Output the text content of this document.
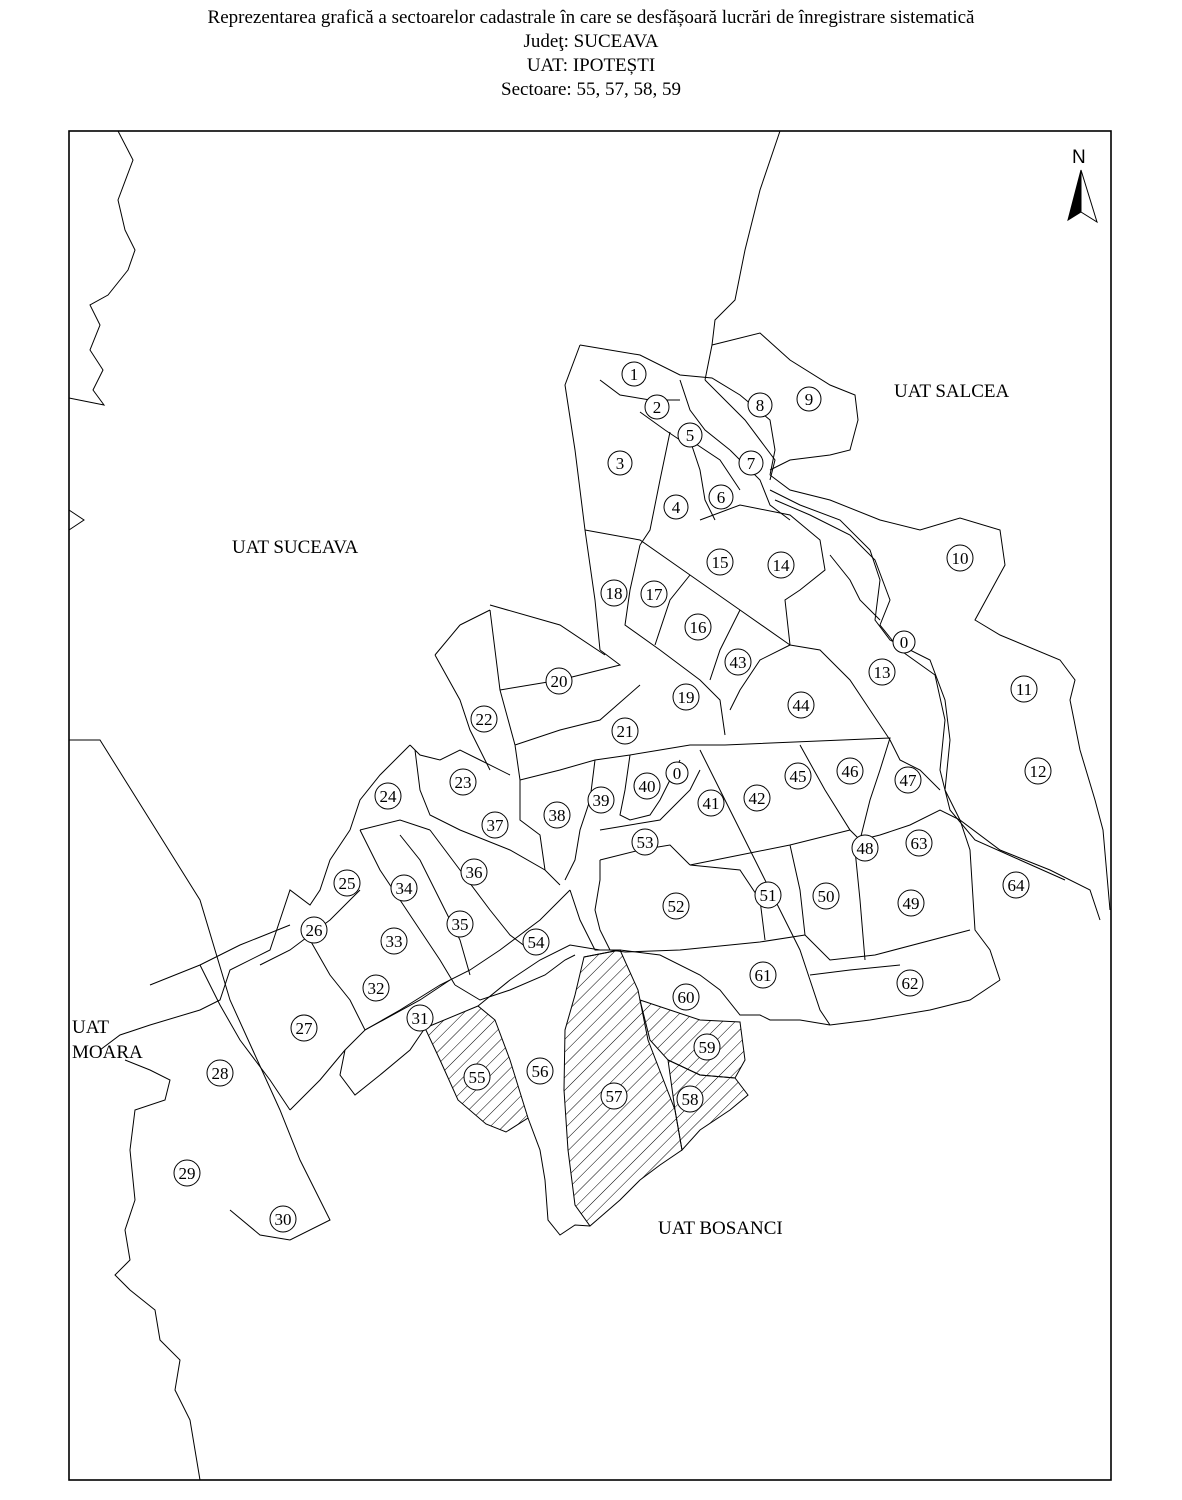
Reprezentarea grafică a sectoarelor cadastrale în care se desfășoară lucrări de înregistrare sistematică
Judeţ: SUCEAVA
UAT: IPOTEȘTI
Sectoare: 55, 57, 58, 59
UAT SUCEAVA
UAT SALCEA
UAT
MOARA
UAT BOSANCI
N
1
2
3
4
5
6
7
8 9
10
11
12
13
14
15
16
17
18
19
20
21
22
23
24
25
26
27
28
29
30
31
32
33
34
35
36
37
38
39
40
41 42
43
44
45 46 47
48
49
50
51
52
53
54
55	56
57	58
59
60
61	62
63
64
0
0
